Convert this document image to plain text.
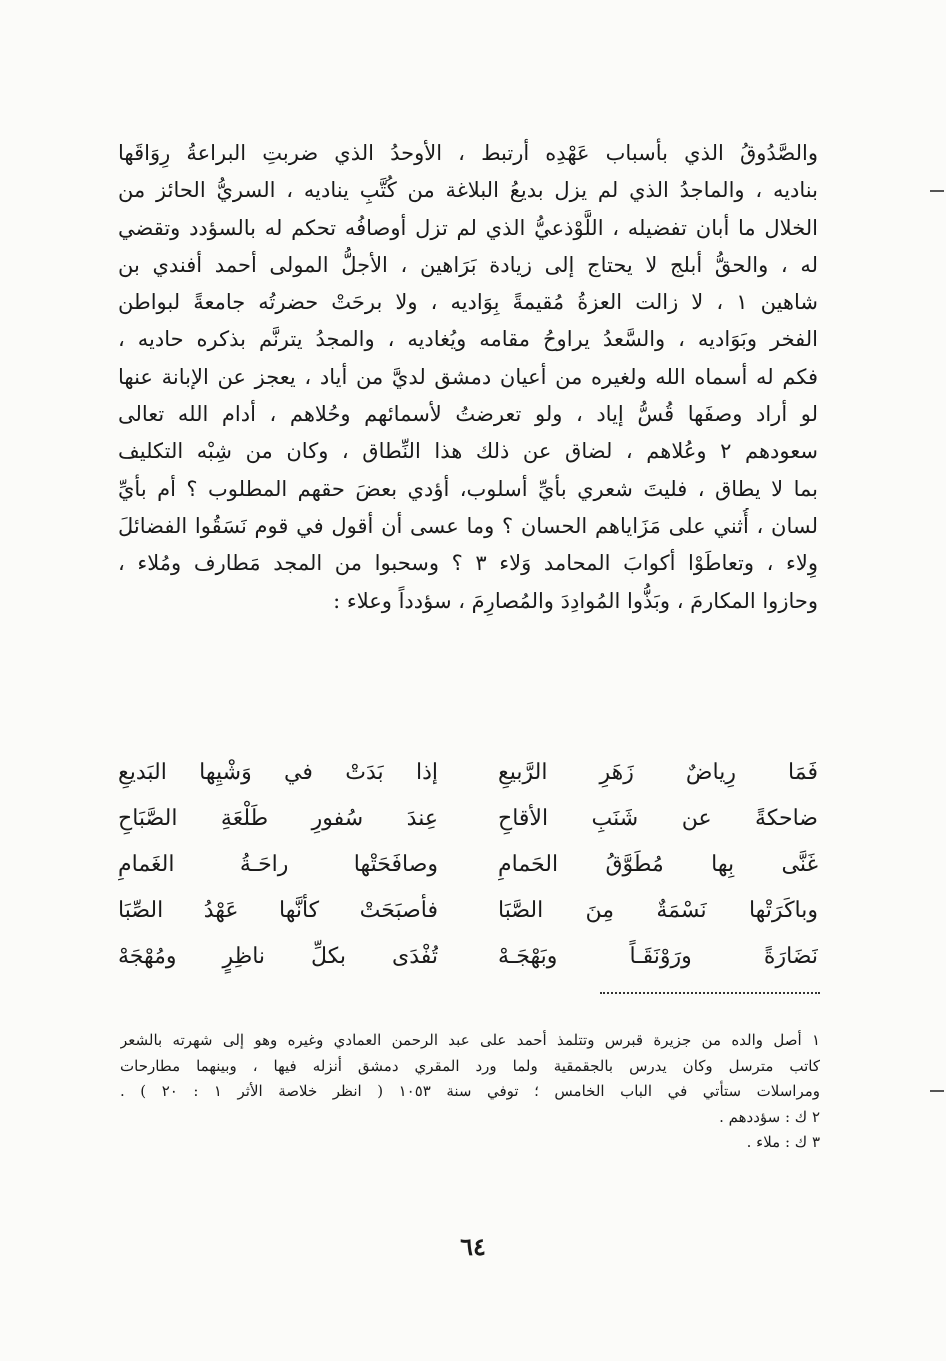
والصَّدُوقُ الذي بأسباب عَهْدِه أرتبط ، الأوحدُ الذي ضربتِ البراعةُ رِوَاقَها
بناديه ، والماجدُ الذي لم يزل بديعُ البلاغة من كُتَّبِ يناديه ، السريُّ الحائز من
الخلال ما أبان تفضيله ، اللَّوْذعيُّ الذي لم تزل أوصافُه تحكم له بالسؤدد وتقضي
له ، والحقُّ أبلج لا يحتاج إلى زيادة بَرَاهين ، الأجلُّ المولى أحمد أفندي بن
شاهين ١ ، لا زالت العزةُ مُقيمةً بِوَاديه ، ولا برحَتْ حضرتُه جامعةً لبواطن
الفخر وبَوَاديه ، والسَّعدُ يراوحُ مقامه ويُغاديه ، والمجدُ يترنَّم بذكره حاديه ،
فكم له أسماه الله ولغيره من أعيان دمشق لديَّ من أياد ، يعجز عن الإبانة عنها
لو أراد وصفَها قُسُّ إياد ، ولو تعرضتُ لأسمائهم وحُلاهم ، أدام الله تعالى
سعودهم ٢ وعُلاهم ، لضاق عن ذلك هذا النِّطاق ، وكان من شِبْه التكليف
بما لا يطاق ، فليتَ شعري بأيِّ أسلوب، أؤدي بعضَ حقهم المطلوب ؟ أم بأيِّ
لسان ، أُثني على مَزَاياهم الحسان ؟ وما عسى أن أقول في قوم نَسَقُوا الفضائلَ
وِلاء ، وتعاطَوْا أكوابَ المحامد وَلاء ٣ ؟ وسحبوا من المجد مَطارف ومُلاء ،
وحازوا المكارمَ ، وبَذُّوا المُوادِدَ والمُصارِمَ ، سؤدداً وعلاء :
فَمَا رِياضٌ زَهَرِ الرَّبيعِ
إذا بَدَتْ في وَشْيِها البَديعِ
ضاحكةً عن شَنَبِ الأقاحِ
عِندَ سُفورِ طَلْعَةِ الصَّبَاحِ
غَنَّى بِها مُطَوَّقُ الحَمامِ
وصافَحَتْها راحَـةُ الغَمامِ
وباكَرَتْها نَسْمَةٌ مِنَ الصَّبَا
فأصبَحَتْ كأنَّها عَهْدُ الصِّبَا
نَضَارَةً ورَوْنَقَـاً وبَهْجَـهْ
تُفْدَى بكلِّ ناظِرٍ ومُهْجَهْ
١ أصل والده من جزيرة قبرس وتتلمذ أحمد على عبد الرحمن العمادي وغيره وهو إلى شهرته بالشعر
كاتب مترسل وكان يدرس بالجقمقية ولما ورد المقري دمشق أنزله فيها ، وبينهما مطارحات
ومراسلات ستأتي في الباب الخامس ؛ توفي سنة ١٠٥٣ ( انظر خلاصة الأثر ١ : ٢٠ ) .
٢ ك : سؤددهم .
٣ ك : ملاء .
٦٤
